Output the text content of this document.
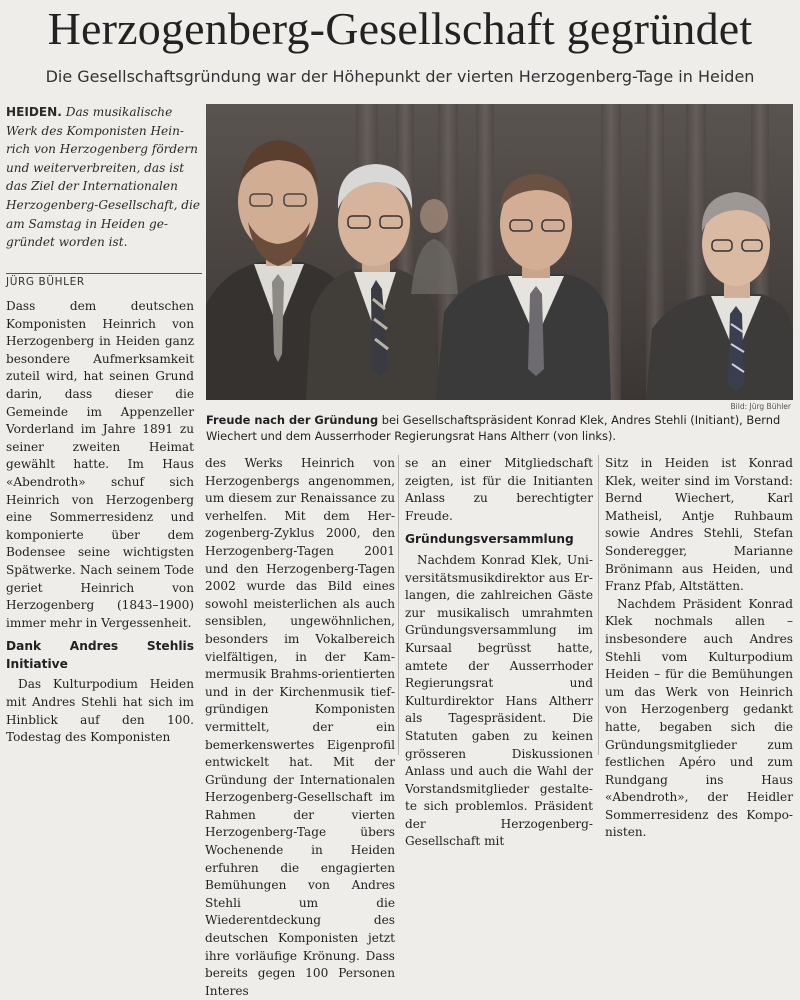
Herzogenberg-Gesellschaft gegründet
Die Gesellschaftsgründung war der Höhepunkt der vierten Herzogenberg-Tage in Heiden
HEIDEN. Das musikalische Werk des Komponisten Heinrich von Herzogenberg fördern und weiterverbreiten, das ist das Ziel der Internationalen Herzogenberg-Gesellschaft, die am Samstag in Heiden gegründet worden ist.
JÜRG BÜHLER
Bild: Jürg Bühler
Freude nach der Gründung bei Gesellschaftspräsident Konrad Klek, Andres Stehli (Initiant), Bernd Wiechert und dem Ausserrhoder Regierungsrat Hans Altherr (von links).

Dass dem deutschen Komponisten Heinrich von Herzogenberg in Heiden ganz besondere Aufmerksamkeit zuteil wird, hat seinen Grund darin, dass dieser die Gemeinde im Appenzeller Vorderland im Jahre 1891 zu seiner zweiten Heimat gewählt hatte. Im Haus «Abendroth» schuf sich Heinrich von Herzogenberg eine Sommerresidenz und komponierte über dem Bodensee seine wichtigsten Spätwerke. Nach seinem Tode geriet Heinrich von Herzogenberg (1843–1900) immer mehr in Vergessenheit.

Dank Andres Stehlis Initiative

Das Kulturpodium Heiden mit Andres Stehli hat sich im Hinblick auf den 100. Todestag des Komponisten

des Werks Heinrich von Herzogenbergs angenommen, um diesem zur Renaissance zu verhelfen. Mit dem Herzogenberg-Zyklus 2000, den Herzogenberg-Tagen 2001 und den Herzogenberg-Tagen 2002 wurde das Bild eines sowohl meisterlichen als auch sensiblen, ungewöhnlichen, besonders im Vokalbereich vielfältigen, in der Kammermusik Brahms-orientierten und in der Kirchenmusik tiefgründigen Komponisten vermittelt, der ein bemerkenswertes Eigenprofil entwickelt hat. Mit der Gründung der Internationalen Herzogenberg-Gesellschaft im Rahmen der vierten Herzogenberg-Tage übers Wochenende in Heiden erfuhren die engagierten Bemühungen von Andres Stehli um die Wiederentdeckung des deutschen Komponisten jetzt ihre vorläufige Krönung. Dass bereits gegen 100 Personen Interes

se an einer Mitgliedschaft zeigten, ist für die Initianten Anlass zu berechtigter Freude.

Gründungsversammlung

Nachdem Konrad Klek, Universitätsmusikdirektor aus Erlangen, die zahlreichen Gäste zur musikalisch umrahmten Gründungsversammlung im Kursaal begrüsst hatte, amtete der Ausserrhoder Regierungsrat und Kulturdirektor Hans Altherr als Tagespräsident. Die Statuten gaben zu keinen grösseren Diskussionen Anlass und auch die Wahl der Vorstandsmitglieder gestaltete sich problemlos. Präsident der Herzogenberg-Gesellschaft mit

Sitz in Heiden ist Konrad Klek, weiter sind im Vorstand: Bernd Wiechert, Karl Matheisl, Antje Ruhbaum sowie Andres Stehli, Stefan Sonderegger, Marianne Brönimann aus Heiden, und Franz Pfab, Altstätten.

Nachdem Präsident Konrad Klek nochmals allen – insbesondere auch Andres Stehli vom Kulturpodium Heiden – für die Bemühungen um das Werk von Heinrich von Herzogenberg gedankt hatte, begaben sich die Gründungsmitglieder zum festlichen Apéro und zum Rundgang ins Haus «Abendroth», der Heidler Sommerresidenz des Komponisten.
